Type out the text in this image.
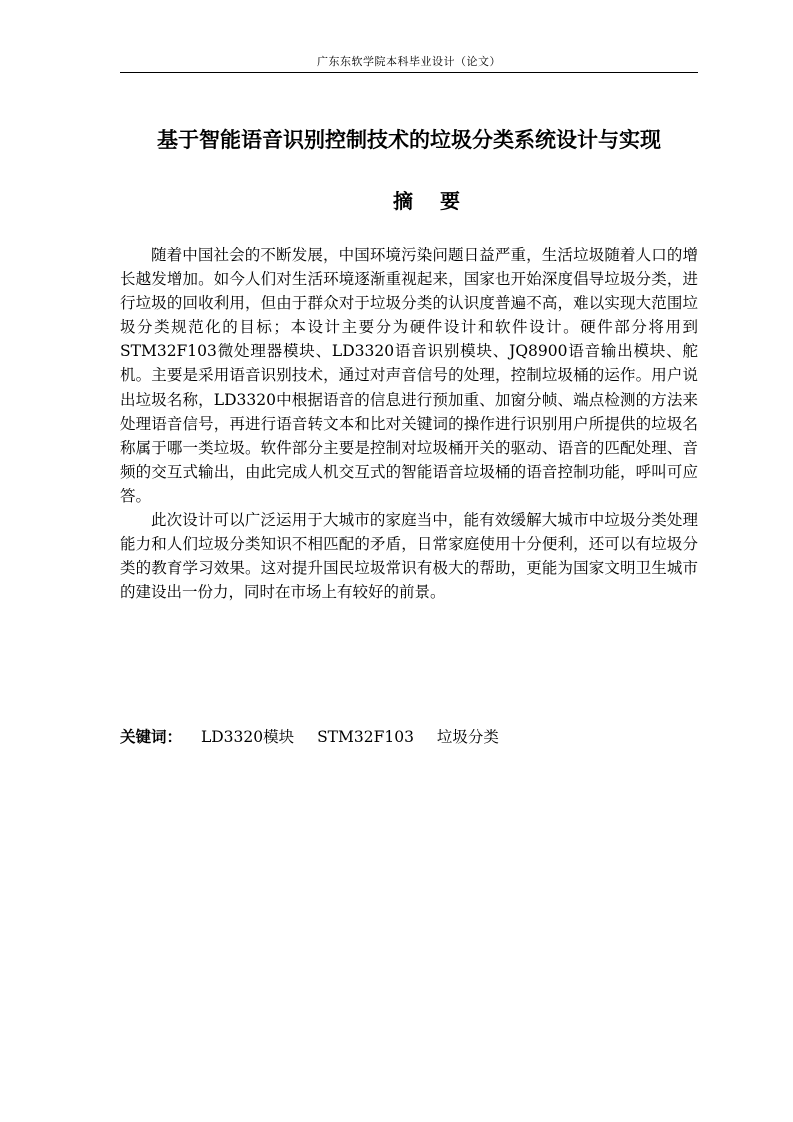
广东东软学院本科毕业设计（论文）
基于智能语音识别控制技术的垃圾分类系统设计与实现
摘 要

随着中国社会的不断发展，中国环境污染问题日益严重，生活垃圾随着人口的增长越发增加。如今人们对生活环境逐渐重视起来，国家也开始深度倡导垃圾分类，进行垃圾的回收利用，但由于群众对于垃圾分类的认识度普遍不高，难以实现大范围垃圾分类规范化的目标；本设计主要分为硬件设计和软件设计。硬件部分将用到STM32F103微处理器模块、LD3320语音识别模块、JQ8900语音输出模块、舵机。主要是采用语音识别技术，通过对声音信号的处理，控制垃圾桶的运作。用户说出垃圾名称，LD3320中根据语音的信息进行预加重、加窗分帧、端点检测的方法来处理语音信号，再进行语音转文本和比对关键词的操作进行识别用户所提供的垃圾名称属于哪一类垃圾。软件部分主要是控制对垃圾桶开关的驱动、语音的匹配处理、音频的交互式输出，由此完成人机交互式的智能语音垃圾桶的语音控制功能，呼叫可应答。

此次设计可以广泛运用于大城市的家庭当中，能有效缓解大城市中垃圾分类处理能力和人们垃圾分类知识不相匹配的矛盾，日常家庭使用十分便利，还可以有垃圾分类的教育学习效果。这对提升国民垃圾常识有极大的帮助，更能为国家文明卫生城市的建设出一份力，同时在市场上有较好的前景。

关键词： LD3320模块 STM32F103 垃圾分类
